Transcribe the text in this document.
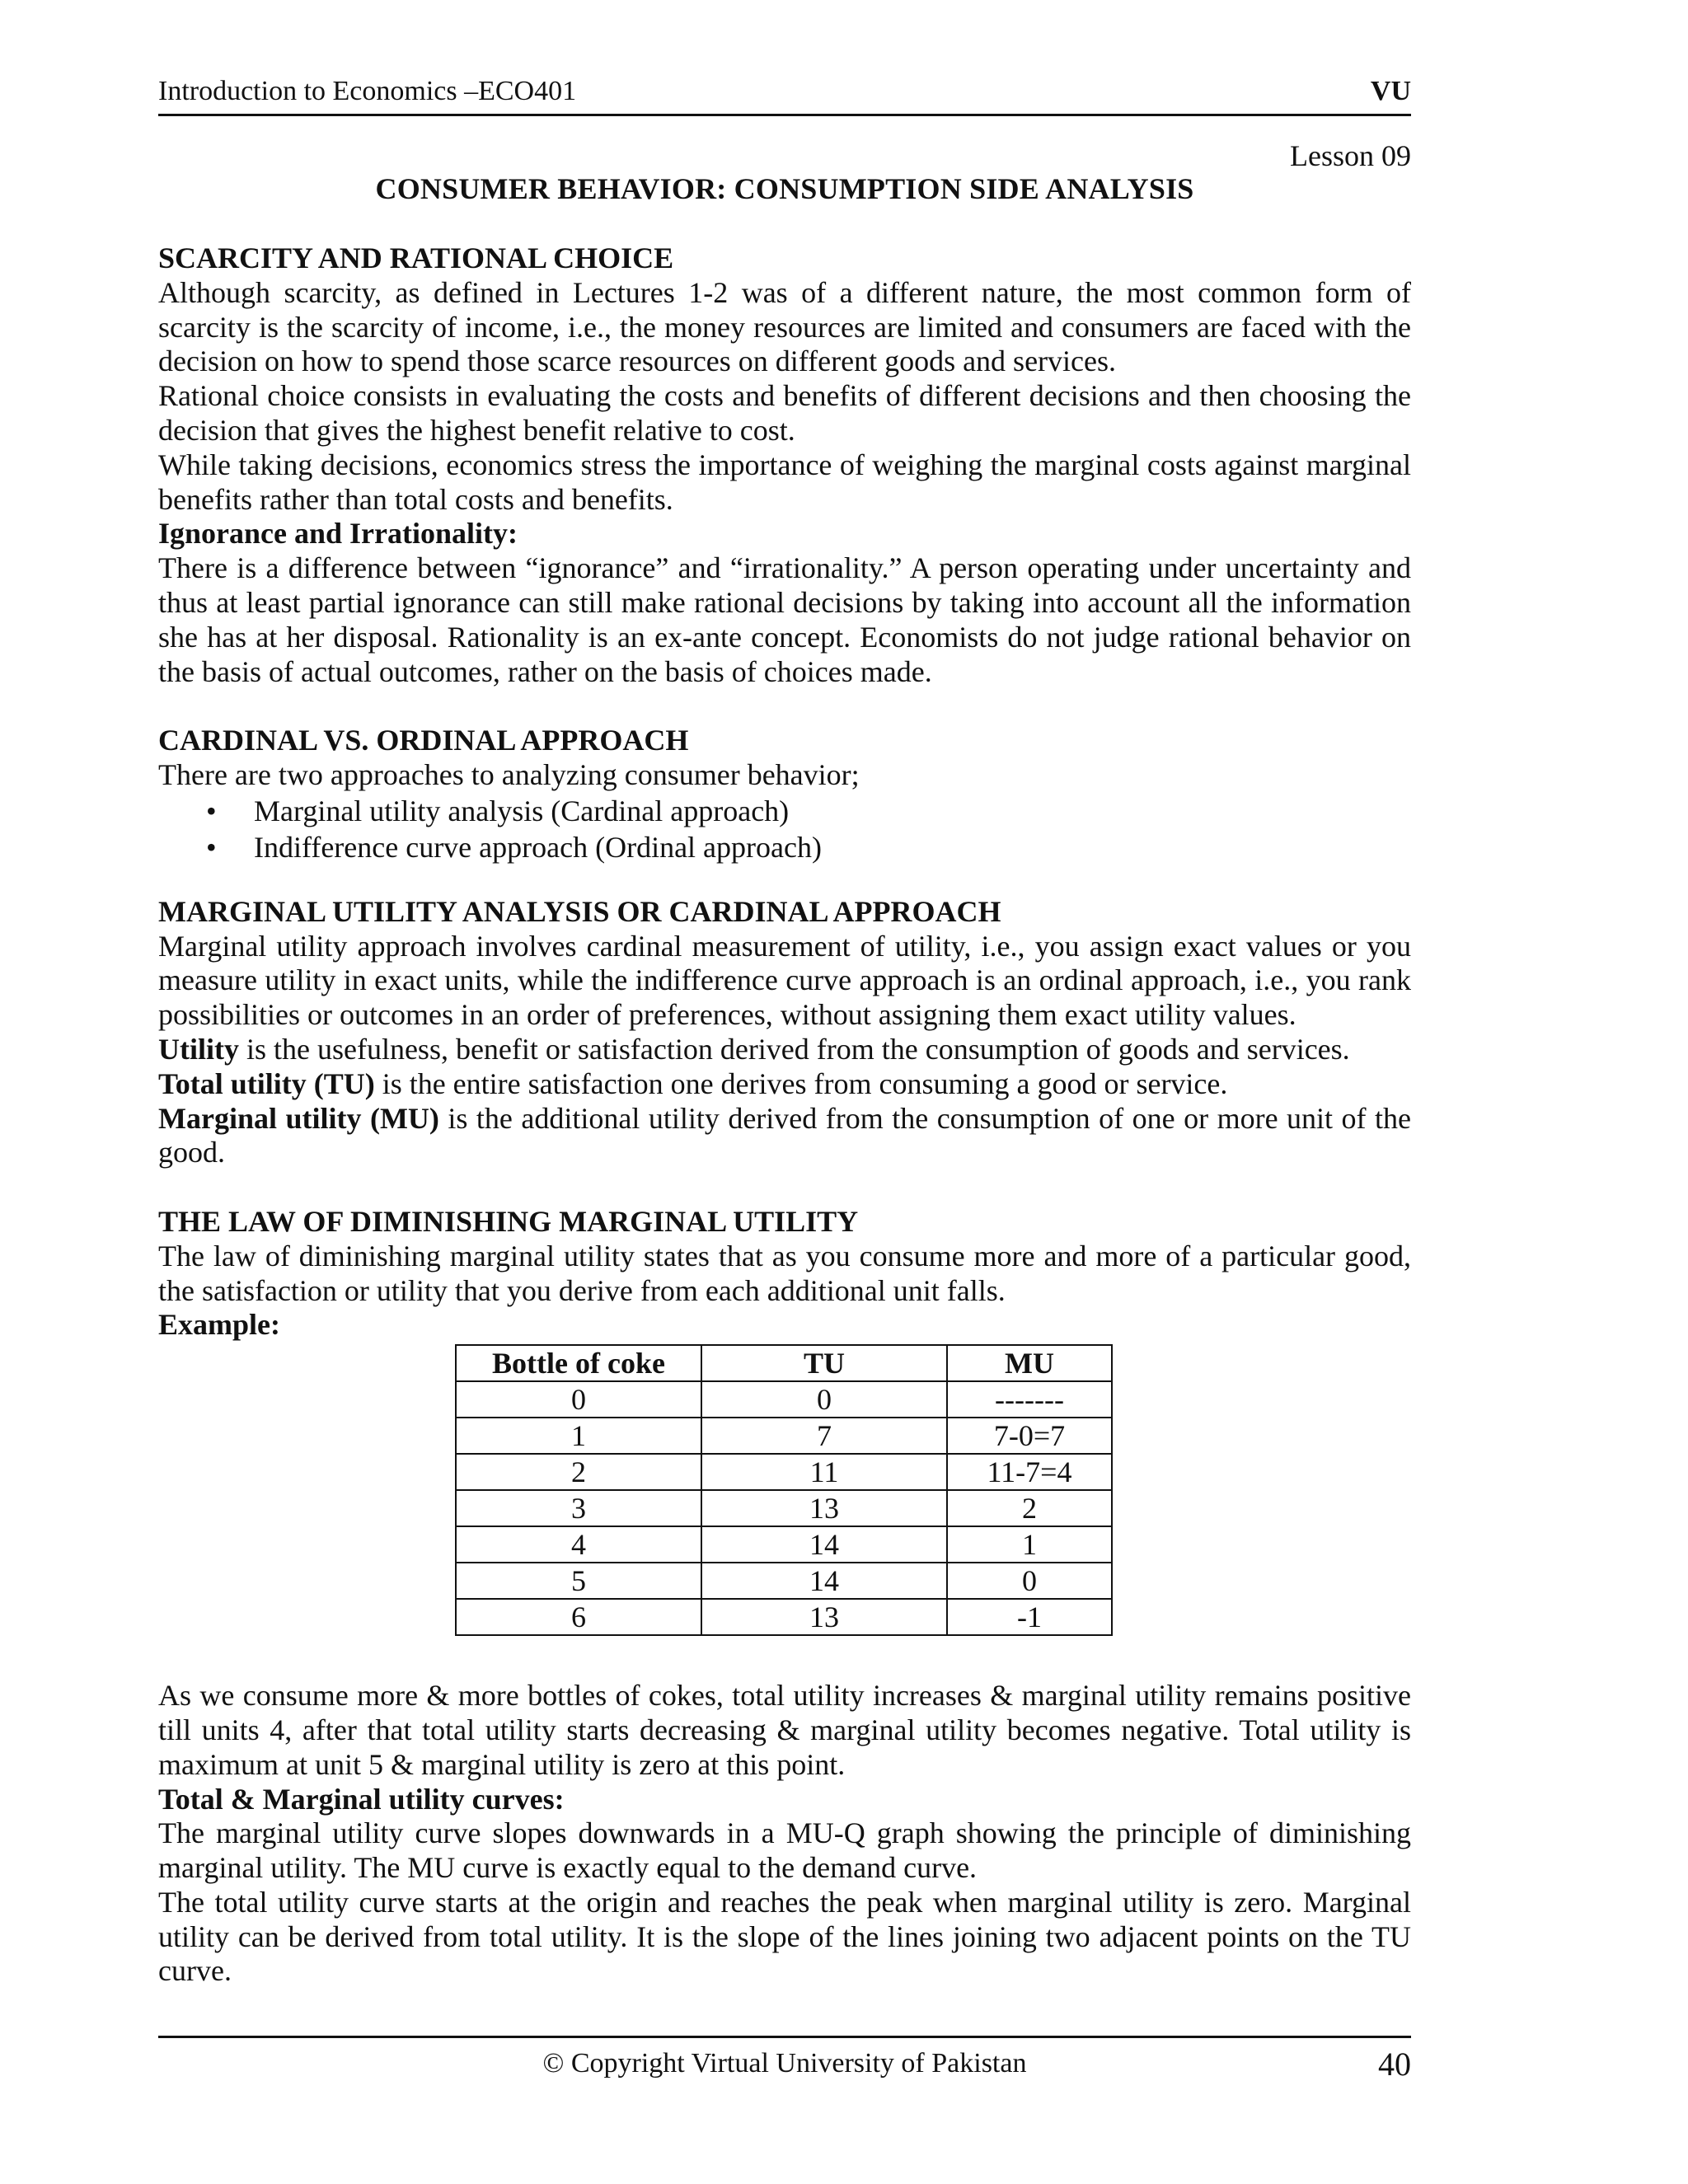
Introduction to Economics –ECO401	VU
Lesson 09
CONSUMER BEHAVIOR: CONSUMPTION SIDE ANALYSIS
SCARCITY AND RATIONAL CHOICE

Although scarcity, as defined in Lectures 1-2 was of a different nature, the most common form of scarcity is the scarcity of income, i.e., the money resources are limited and consumers are faced with the decision on how to spend those scarce resources on different goods and services.

Rational choice consists in evaluating the costs and benefits of different decisions and then choosing the decision that gives the highest benefit relative to cost.

While taking decisions, economics stress the importance of weighing the marginal costs against marginal benefits rather than total costs and benefits.

Ignorance and Irrationality:

There is a difference between “ignorance” and “irrationality.” A person operating under uncertainty and thus at least partial ignorance can still make rational decisions by taking into account all the information she has at her disposal. Rationality is an ex-ante concept. Economists do not judge rational behavior on the basis of actual outcomes, rather on the basis of choices made.

CARDINAL VS. ORDINAL APPROACH

There are two approaches to analyzing consumer behavior;

• Marginal utility analysis (Cardinal approach)
• Indifference curve approach (Ordinal approach)
MARGINAL UTILITY ANALYSIS OR CARDINAL APPROACH

Marginal utility approach involves cardinal measurement of utility, i.e., you assign exact values or you measure utility in exact units, while the indifference curve approach is an ordinal approach, i.e., you rank possibilities or outcomes in an order of preferences, without assigning them exact utility values.

Utility is the usefulness, benefit or satisfaction derived from the consumption of goods and services.

Total utility (TU) is the entire satisfaction one derives from consuming a good or service.

Marginal utility (MU) is the additional utility derived from the consumption of one or more unit of the good.

THE LAW OF DIMINISHING MARGINAL UTILITY

The law of diminishing marginal utility states that as you consume more and more of a particular good, the satisfaction or utility that you derive from each additional unit falls.

Example:
Bottle of coke	TU	MU
0	0	-------
1	7	7-0=7
2	11	11-7=4
3	13	2
4	14	1
5	14	0
6	13	-1

As we consume more & more bottles of cokes, total utility increases & marginal utility remains positive till units 4, after that total utility starts decreasing & marginal utility becomes negative. Total utility is maximum at unit 5 & marginal utility is zero at this point.

Total & Marginal utility curves:

The marginal utility curve slopes downwards in a MU-Q graph showing the principle of diminishing marginal utility. The MU curve is exactly equal to the demand curve.

The total utility curve starts at the origin and reaches the peak when marginal utility is zero. Marginal utility can be derived from total utility. It is the slope of the lines joining two adjacent points on the TU curve.

© Copyright Virtual University of Pakistan	40
